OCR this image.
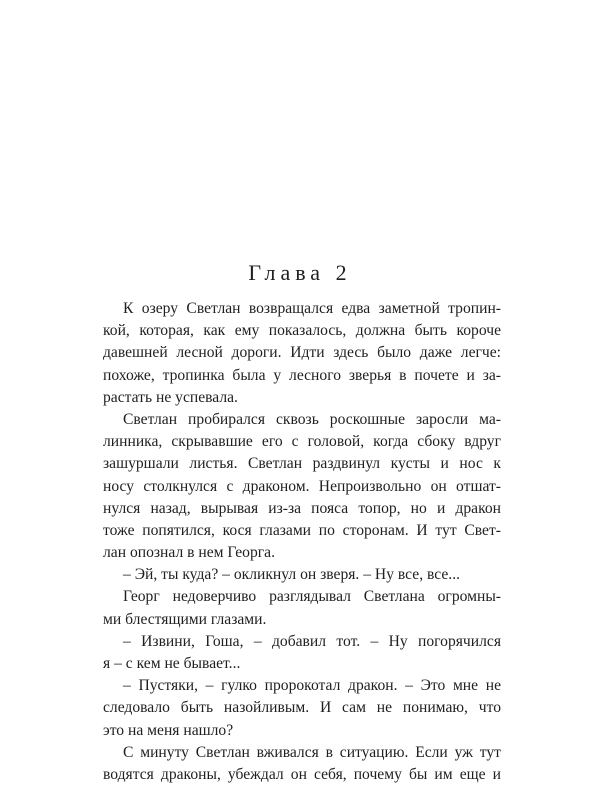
Глава 2
К озеру Светлан возвращался едва заметной тропин-
кой, которая, как ему показалось, должна быть короче
давешней лесной дороги. Идти здесь было даже легче:
похоже, тропинка была у лесного зверья в почете и за-
растать не успевала.
Светлан пробирался сквозь роскошные заросли ма-
линника, скрывавшие его с головой, когда сбоку вдруг
зашуршали листья. Светлан раздвинул кусты и нос к
носу столкнулся с драконом. Непроизвольно он отшат-
нулся назад, вырывая из-за пояса топор, но и дракон
тоже попятился, кося глазами по сторонам. И тут Свет-
лан опознал в нем Георга.
– Эй, ты куда? – окликнул он зверя. – Ну все, все...
Георг недоверчиво разглядывал Светлана огромны-
ми блестящими глазами.
– Извини, Гоша, – добавил тот. – Ну погорячился
я – с кем не бывает...
– Пустяки, – гулко пророкотал дракон. – Это мне не
следовало быть назойливым. И сам не понимаю, что
это на меня нашло?
С минуту Светлан вживался в ситуацию. Если уж тут
водятся драконы, убеждал он себя, почему бы им еще и
